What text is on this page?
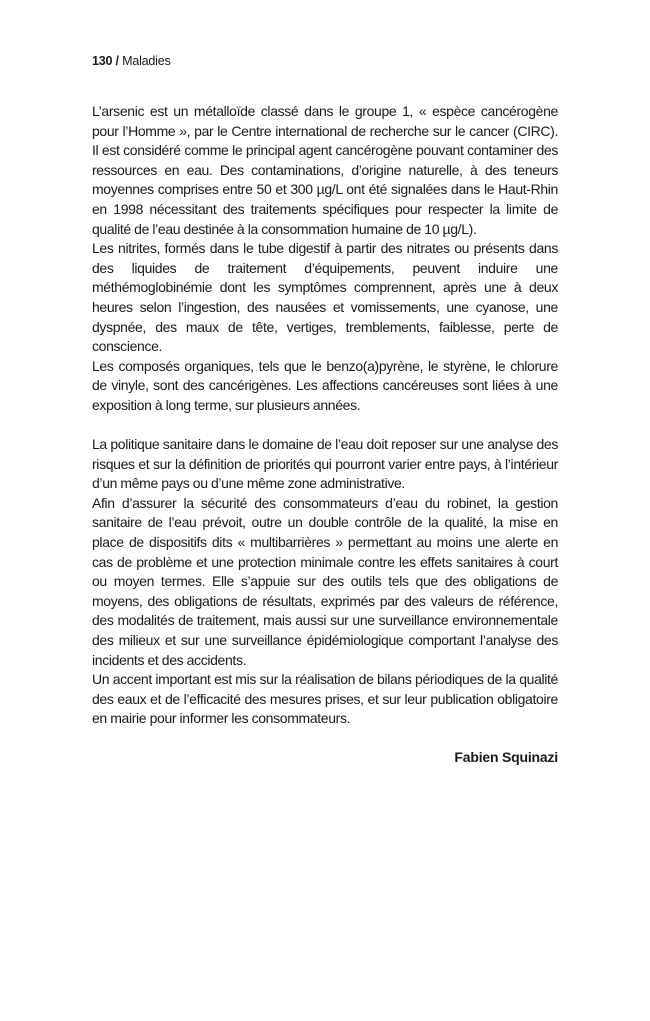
130 / Maladies

L’arsenic est un métalloïde classé dans le groupe 1, « espèce cancérogène pour l’Homme », par le Centre international de recherche sur le cancer (CIRC). Il est considéré comme le principal agent cancérogène pouvant contaminer des ressources en eau. Des contaminations, d’origine naturelle, à des teneurs moyennes comprises entre 50 et 300 µg/L ont été signalées dans le Haut-Rhin en 1998 nécessitant des traitements spécifiques pour respecter la limite de qualité de l’eau destinée à la consommation humaine de 10 µg/L).

Les nitrites, formés dans le tube digestif à partir des nitrates ou présents dans des liquides de traitement d’équipements, peuvent induire une méthémoglobinémie dont les symptômes comprennent, après une à deux heures selon l’ingestion, des nausées et vomissements, une cyanose, une dyspnée, des maux de tête, vertiges, tremblements, faiblesse, perte de conscience.

Les composés organiques, tels que le benzo(a)pyrène, le styrène, le chlorure de vinyle, sont des cancérigènes. Les affections cancéreuses sont liées à une exposition à long terme, sur plusieurs années.

La politique sanitaire dans le domaine de l’eau doit reposer sur une analyse des risques et sur la définition de priorités qui pourront varier entre pays, à l’intérieur d’un même pays ou d’une même zone administrative.

Afin d’assurer la sécurité des consommateurs d’eau du robinet, la gestion sanitaire de l’eau prévoit, outre un double contrôle de la qualité, la mise en place de dispositifs dits « multibarrières » permettant au moins une alerte en cas de problème et une protection minimale contre les effets sanitaires à court ou moyen termes. Elle s’appuie sur des outils tels que des obligations de moyens, des obligations de résultats, exprimés par des valeurs de référence, des modalités de traitement, mais aussi sur une surveillance environnementale des milieux et sur une surveillance épidémiologique comportant l’analyse des incidents et des accidents.

Un accent important est mis sur la réalisation de bilans périodiques de la qualité des eaux et de l’efficacité des mesures prises, et sur leur publication obligatoire en mairie pour informer les consommateurs.

Fabien Squinazi
